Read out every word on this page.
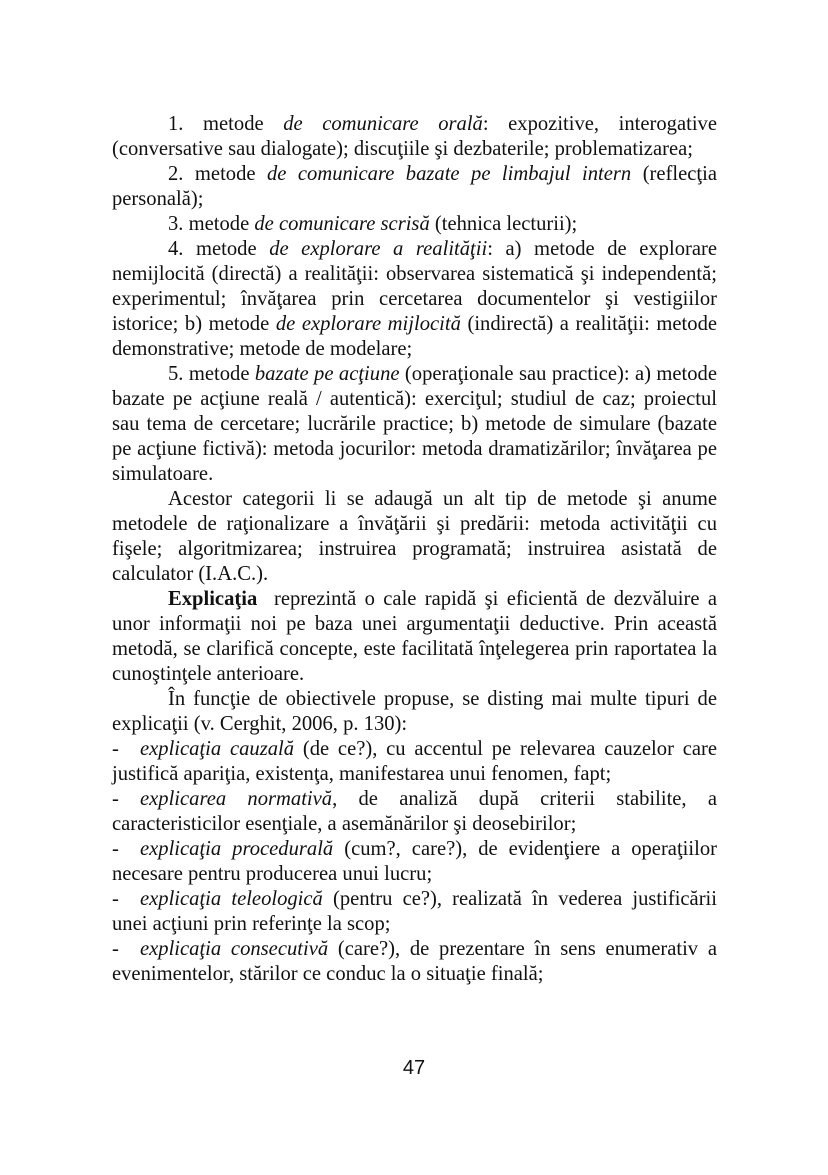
1. metode de comunicare orală: expozitive, interogative (conversative sau dialogate); discuţiile şi dezbaterile; problematizarea;

2. metode de comunicare bazate pe limbajul intern (reflecţia personală);

3. metode de comunicare scrisă (tehnica lecturii);

4. metode de explorare a realităţii: a) metode de explorare nemijlocită (directă) a realităţii: observarea sistematică şi independentă; experimentul; învăţarea prin cercetarea documentelor şi vestigiilor istorice; b) metode de explorare mijlocită (indirectă) a realităţii: metode demonstrative; metode de modelare;

5. metode bazate pe acţiune (operaţionale sau practice): a) metode bazate pe acţiune reală / autentică): exerciţul; studiul de caz; proiectul sau tema de cercetare; lucrările practice; b) metode de simulare (bazate pe acţiune fictivă): metoda jocurilor: metoda dramatizărilor; învăţarea pe simulatoare.

Acestor categorii li se adaugă un alt tip de metode şi anume metodele de raţionalizare a învăţării şi predării: metoda activităţii cu fişele; algoritmizarea; instruirea programată; instruirea asistată de calculator (I.A.C.).

Explicaţia  reprezintă o cale rapidă şi eficientă de dezvăluire a unor informaţii noi pe baza unei argumentaţii deductive. Prin această metodă, se clarifică concepte, este facilitată înţelegerea prin raportatea la cunoştinţele anterioare.

În funcţie de obiectivele propuse, se disting mai multe tipuri de explicaţii (v. Cerghit, 2006, p. 130):

- explicaţia cauzală (de ce?), cu accentul pe relevarea cauzelor care justifică apariţia, existenţa, manifestarea unui fenomen, fapt;

- explicarea normativă, de analiză după criterii stabilite, a caracteristicilor esenţiale, a asemănărilor şi deosebirilor;

- explicaţia procedurală (cum?, care?), de evidenţiere a operaţiilor necesare pentru producerea unui lucru;

- explicaţia teleologică (pentru ce?), realizată în vederea justificării unei acţiuni prin referinţe la scop;

- explicaţia consecutivă (care?), de prezentare în sens enumerativ a evenimentelor, stărilor ce conduc la o situaţie finală;

47
